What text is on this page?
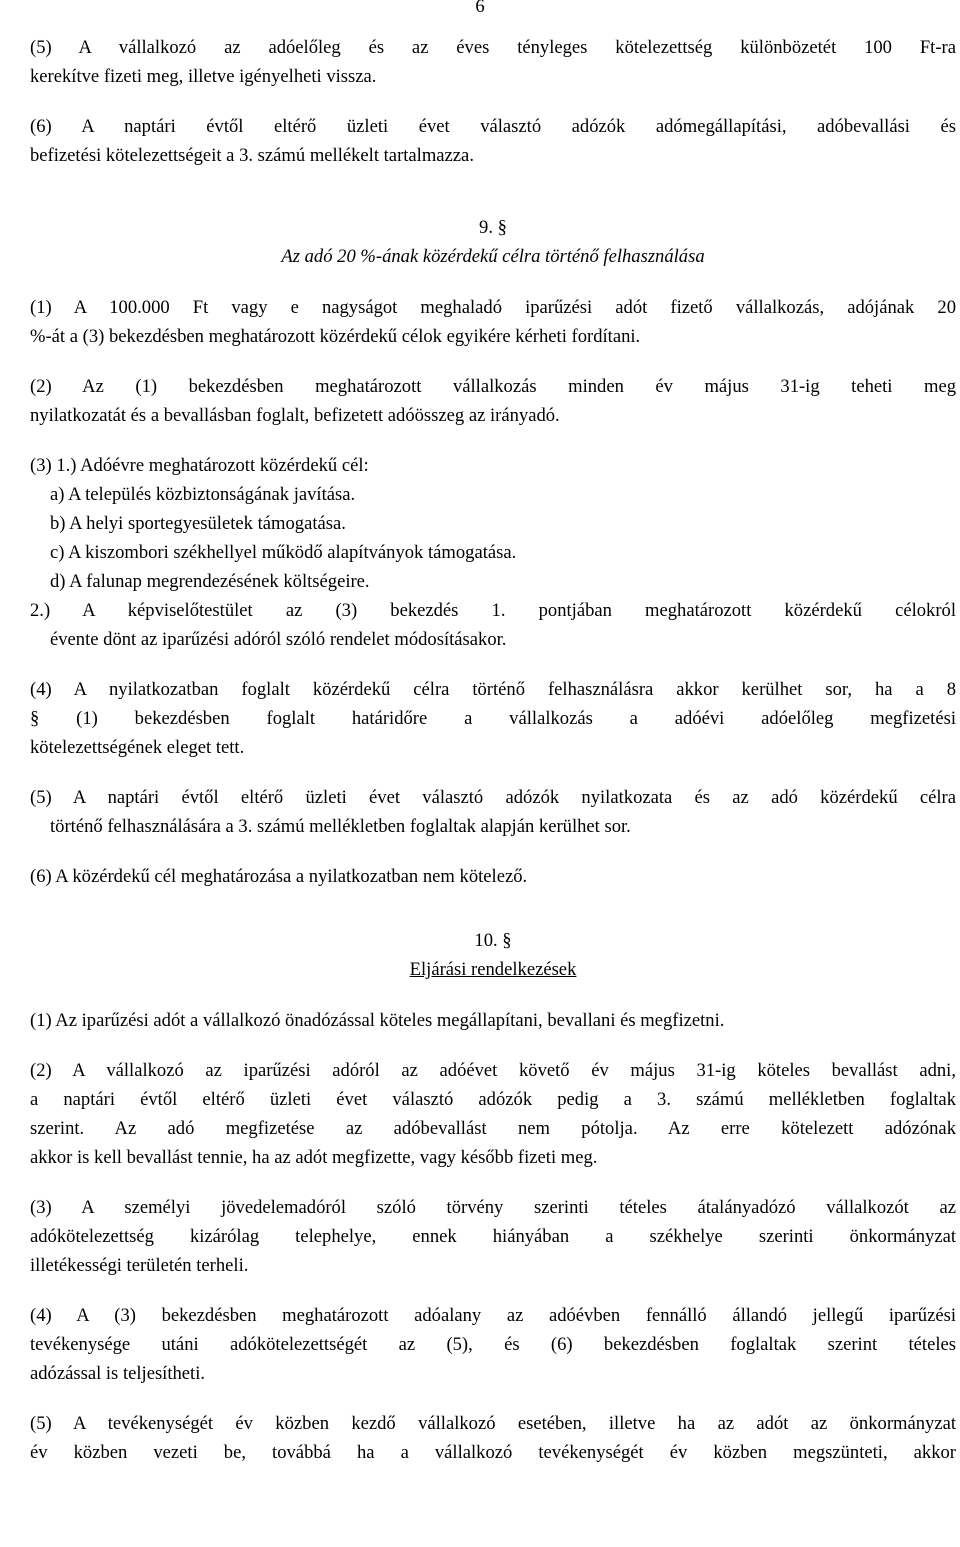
6

(5) A vállalkozó az adóelőleg és az éves tényleges kötelezettség különbözetét 100 Ft-ra

kerekítve fizeti meg, illetve igényelheti vissza.

(6) A naptári évtől eltérő üzleti évet választó adózók adómegállapítási, adóbevallási és

befizetési kötelezettségeit a 3. számú mellékelt tartalmazza.

9. §

Az adó 20 %-ának közérdekű célra történő felhasználása

(1) A 100.000 Ft vagy e nagyságot meghaladó iparűzési adót fizető vállalkozás, adójának 20

%-át a (3) bekezdésben meghatározott közérdekű célok egyikére kérheti fordítani.

(2) Az (1) bekezdésben meghatározott vállalkozás minden év május 31-ig teheti meg

nyilatkozatát és a bevallásban foglalt, befizetett adóösszeg az irányadó.

(3) 1.) Adóévre meghatározott közérdekű cél:

a) A település közbiztonságának javítása.

b) A helyi sportegyesületek támogatása.

c) A kiszombori székhellyel működő alapítványok támogatása.

d) A falunap megrendezésének költségeire.

2.) A képviselőtestület az (3) bekezdés 1. pontjában meghatározott közérdekű célokról

évente dönt az iparűzési adóról szóló rendelet módosításakor.

(4) A nyilatkozatban foglalt közérdekű célra történő felhasználásra akkor kerülhet sor, ha a 8

§ (1) bekezdésben foglalt határidőre a vállalkozás a adóévi adóelőleg megfizetési

kötelezettségének eleget tett.

(5) A naptári évtől eltérő üzleti évet választó adózók nyilatkozata és az adó közérdekű célra

történő felhasználására a 3. számú mellékletben foglaltak alapján kerülhet sor.

(6) A közérdekű cél meghatározása a nyilatkozatban nem kötelező.

10. §

Eljárási rendelkezések

(1) Az iparűzési adót a vállalkozó önadózással köteles megállapítani, bevallani és megfizetni.

(2) A vállalkozó az iparűzési adóról az adóévet követő év május 31-ig köteles bevallást adni,

a naptári évtől eltérő üzleti évet választó adózók pedig a 3. számú mellékletben foglaltak

szerint. Az adó megfizetése az adóbevallást nem pótolja. Az erre kötelezett adózónak

akkor is kell bevallást tennie, ha az adót megfizette, vagy később fizeti meg.

(3) A személyi jövedelemadóról szóló törvény szerinti tételes átalányadózó vállalkozót az

adókötelezettség kizárólag telephelye, ennek hiányában a székhelye szerinti önkormányzat

illetékességi területén terheli.

(4) A (3) bekezdésben meghatározott adóalany az adóévben fennálló állandó jellegű iparűzési

tevékenysége utáni adókötelezettségét az (5), és (6) bekezdésben foglaltak szerint tételes

adózással is teljesítheti.

(5) A tevékenységét év közben kezdő vállalkozó esetében, illetve ha az adót az önkormányzat

év közben vezeti be, továbbá ha a vállalkozó tevékenységét év közben megszünteti, akkor
